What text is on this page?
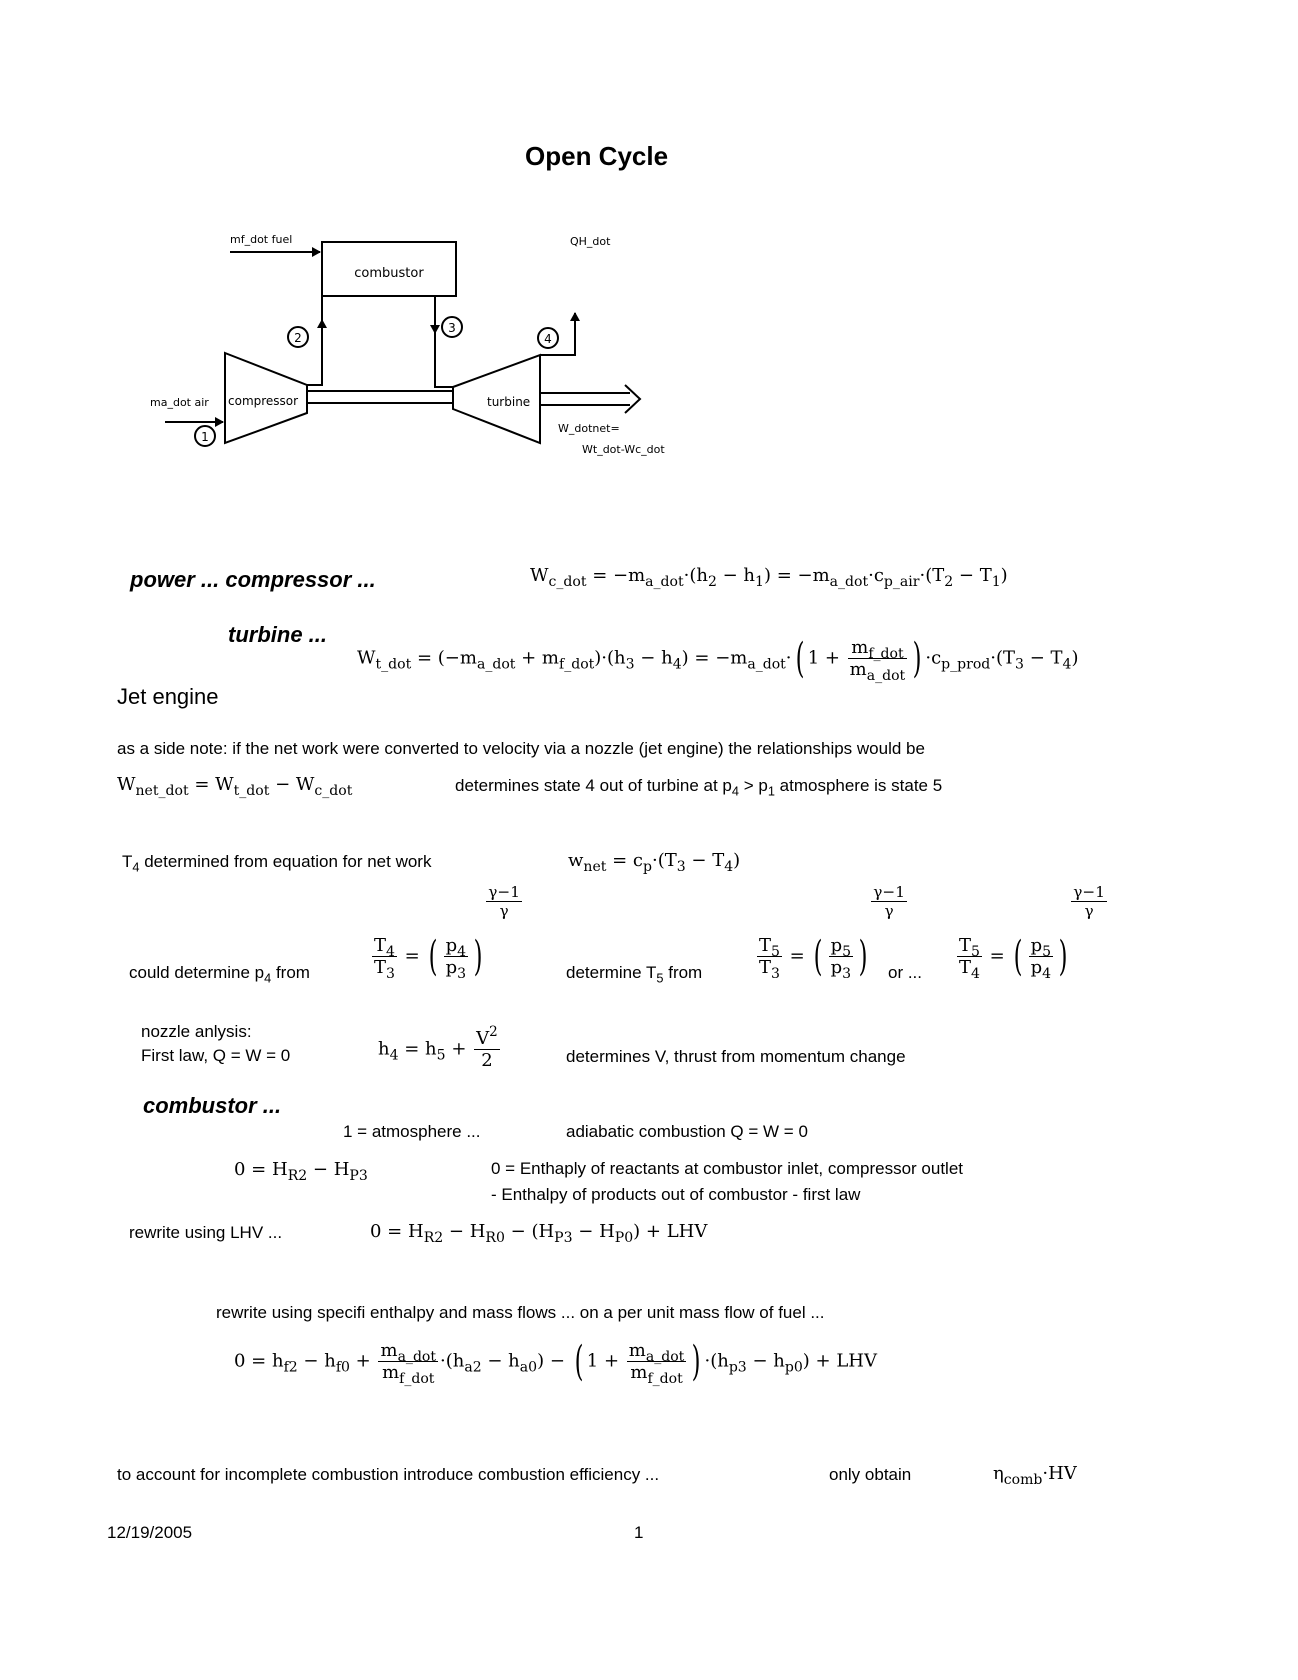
Open Cycle
combustor
mf_dot fuel	QH_dot
compressor	turbine
W_dotnet=
Wt_dot-Wc_dot
ma_dot air
1
2
3
4
power ... compressor ...	$W_{c\_dot} = -m_{a\_dot}\cdot(h_2 - h_1) = -m_{a\_dot}\cdot c_{p\_air}\cdot(T_2 - T_1)$
turbine ...
$W_{t\_dot} = (-m_{a\_dot} + m_{f\_dot})\cdot(h_3 - h_4) = -m_{a\_dot}\cdot$( $1 + \frac{m_{f\_dot}}{m_{a\_dot}}$ ) $\cdot c_{p\_prod}\cdot(T_3 - T_4)$
Jet engine
as a side note: if the net work were converted to velocity via a nozzle (jet engine) the relationships would be
$W_{net\_dot} = W_{t\_dot} - W_{c\_dot}$	determines state 4 out of turbine at $p_4 > p_1$ atmosphere is state 5
$T_4$ determined from equation for net work	$w_{net} = c_p\cdot(T_3 - T_4)$
could determine $p_4$ from	$\frac{T_4}{T_3}$ = ( $\frac{p_4}{p_3}$ )
$\frac{\gamma-1}{\gamma}$
determine $T_5$ from	$\frac{T_5}{T_3}$ = ( $\frac{p_5}{p_3}$ )
$\frac{\gamma-1}{\gamma}$
or ... $\frac{T_5}{T_4}$ = ( $\frac{p_5}{p_4}$ )
$\frac{\gamma-1}{\gamma}$
nozzle anlysis:
First law, Q = W = 0	$h_4 = h_5 + \frac{V^2}{2}$	determines V, thrust from momentum change
combustor ...
1 = atmosphere ...	adiabatic combustion Q = W = 0
$0 = H_{R2} - H_{P3}$	0 = Enthaply of reactants at combustor inlet, compressor outlet
- Enthalpy of products out of combustor - first law
rewrite using LHV ...	$0 = H_{R2} - H_{R0} - (H_{P3} - H_{P0})$ + LHV
rewrite using specifi enthalpy and mass flows ... on a per unit mass flow of fuel ...
$0 = h_{f2} - h_{f0} + \frac{m_{a\_dot}}{m_{f\_dot}} \cdot(h_{a2} - h_{a0})$ − ( $1 + \frac{m_{a\_dot}}{m_{f\_dot}}$ ) $\cdot(h_{p3} - h_{p0})$ + LHV
to account for incomplete combustion introduce combustion efficiency ...	only obtain	$\eta_{comb}\cdot HV$
12/19/2005	1
